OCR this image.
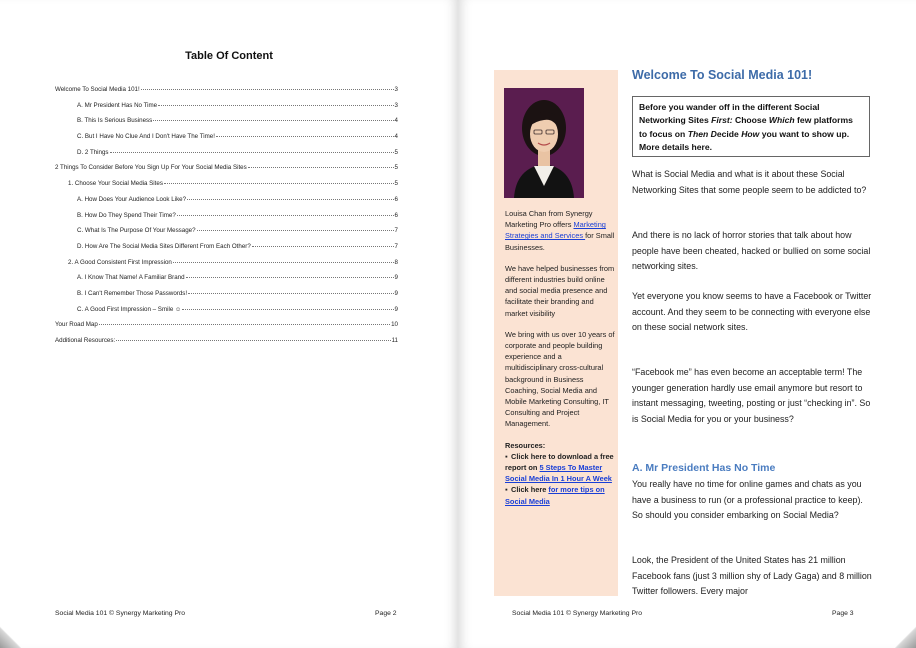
Table Of Content
Welcome To Social Media 101!	3
A. Mr President Has No Time	3
B. This Is Serious Business	4
C. But I Have No Clue And I Don't Have The Time!	4
D. 2 Things	5
2 Things To Consider Before You Sign Up For Your Social Media Sites	5
1. Choose Your Social Media Sites	5
A. How Does Your Audience Look Like?	6
B. How Do They Spend Their Time?	6
C. What Is The Purpose Of Your Message?	7
D. How Are The Social Media Sites Different From Each Other?	7
2. A Good Consistent First Impression	8
A. I Know That Name! A Familiar Brand	9
B. I Can't Remember Those Passwords!	9
C. A Good First Impression – Smile ☺	9
Your Road Map	10
Additional Resources:	11
Social Media 101 © Synergy Marketing Pro	Page 2

Louisa Chan from Synergy Marketing Pro offers Marketing Strategies and Services for Small Businesses.

We have helped businesses from different industries build online and social media presence and facilitate their branding and market visibility

We bring with us over 10 years of corporate and people building experience and a multidisciplinary cross-cultural background in Business Coaching, Social Media and Mobile Marketing Consulting, IT Consulting and Project Management.

Resources:

▪ Click here to download a free report on 5 Steps To Master Social Media In 1 Hour A Week
▪ Click here for more tips on Social Media
Welcome To Social Media 101!
Before you wander off in the different Social Networking Sites First: Choose Which few platforms to focus on Then Decide How you want to show up. More details here.
What is Social Media and what is it about these Social Networking Sites that some people seem to be addicted to?
And there is no lack of horror stories that talk about how people have been cheated, hacked or bullied on some social networking sites.
Yet everyone you know seems to have a Facebook or Twitter account. And they seem to be connecting with everyone else on these social network sites.
“Facebook me” has even become an acceptable term! The younger generation hardly use email anymore but resort to instant messaging, tweeting, posting or just “checking in”. So is Social Media for you or your business?
A. Mr President Has No Time
You really have no time for online games and chats as you have a business to run (or a professional practice to keep). So should you consider embarking on Social Media?
Look, the President of the United States has 21 million Facebook fans (just 3 million shy of Lady Gaga) and 8 million Twitter followers. Every major
Social Media 101 © Synergy Marketing Pro	Page 3
